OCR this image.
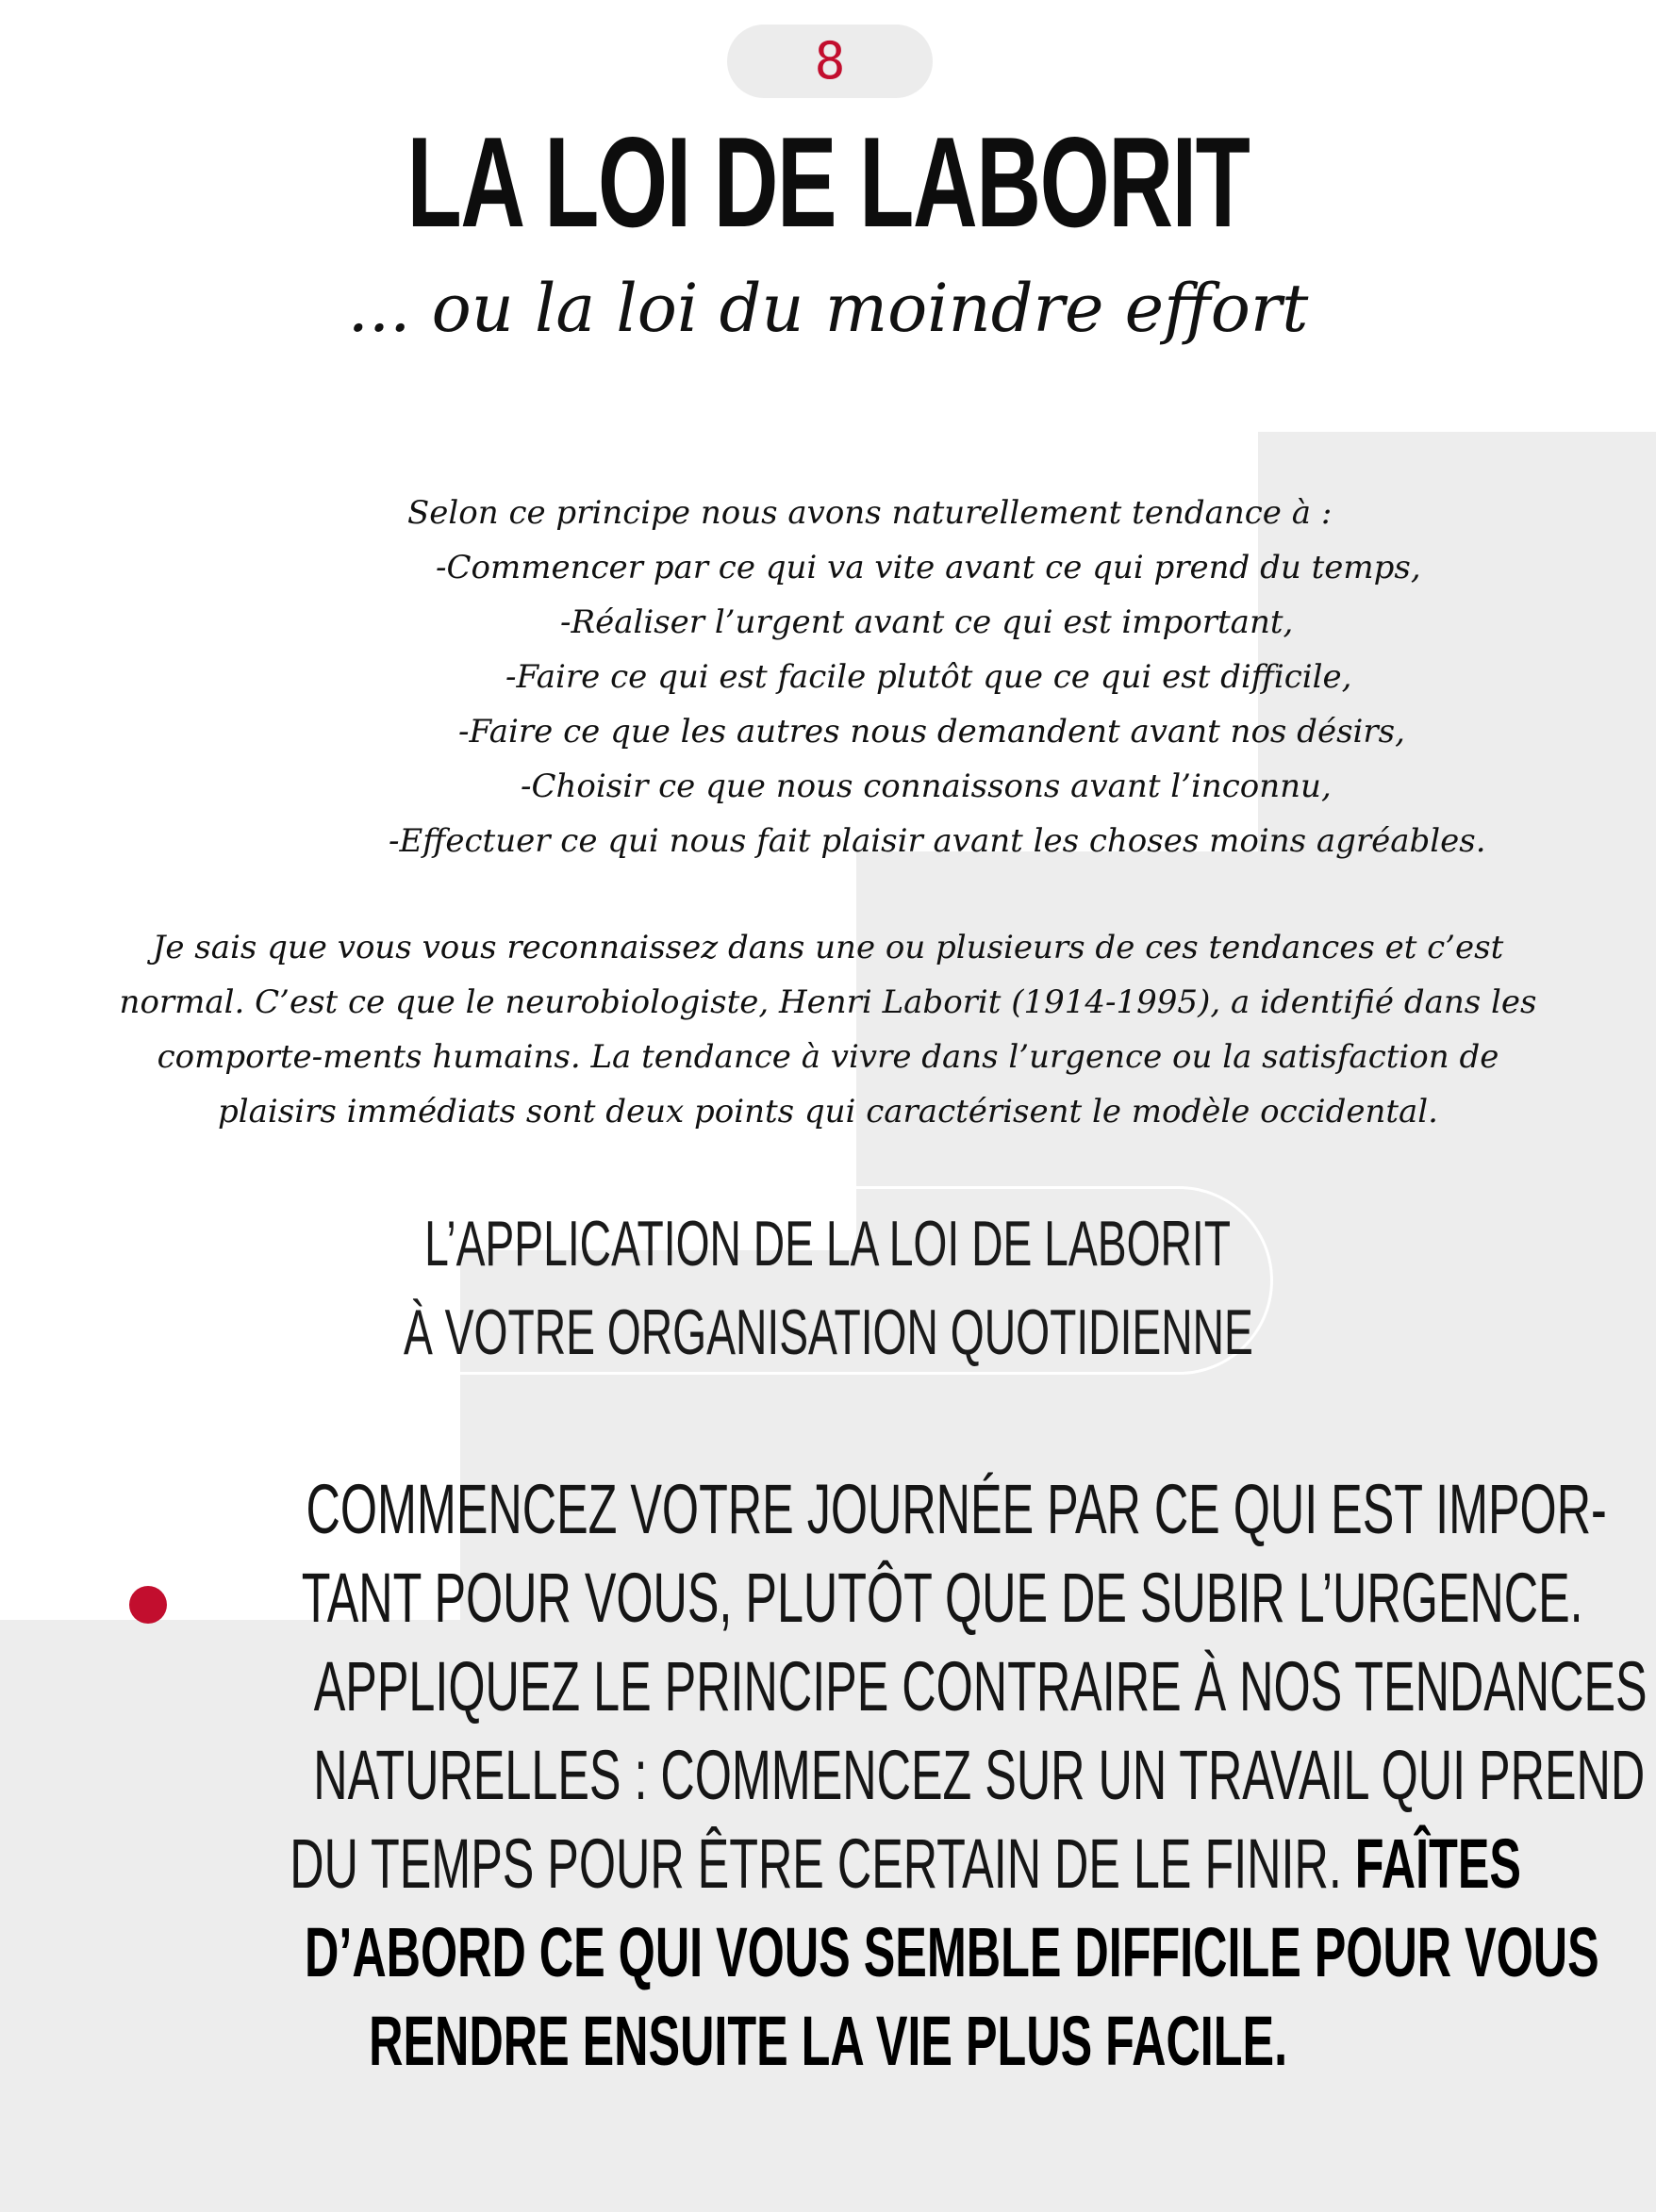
8
LA LOI DE LABORIT
... ou la loi du moindre effort
Selon ce principe nous avons naturellement tendance à :
-Commencer par ce qui va vite avant ce qui prend du temps,
-Réaliser l’urgent avant ce qui est important,
-Faire ce qui est facile plutôt que ce qui est difficile,
-Faire ce que les autres nous demandent avant nos désirs,
-Choisir ce que nous connaissons avant l’inconnu,
-Effectuer ce qui nous fait plaisir avant les choses moins agréables.

Je sais que vous vous reconnaissez dans une ou plusieurs de ces tendances et c’est normal. C’est ce que le neurobiologiste, Henri Laborit (1914-1995), a identifié dans les comporte-ments humains. La tendance à vivre dans l’urgence ou la satisfaction de plaisirs immédiats sont deux points qui caractérisent le modèle occidental.

L’APPLICATION DE LA LOI DE LABORIT
À VOTRE ORGANISATION QUOTIDIENNE
COMMENCEZ VOTRE JOURNÉE PAR CE QUI EST IMPOR-
TANT POUR VOUS, PLUTÔT QUE DE SUBIR L’URGENCE.
APPLIQUEZ LE PRINCIPE CONTRAIRE À NOS TENDANCES
NATURELLES : COMMENCEZ SUR UN TRAVAIL QUI PREND
DU TEMPS POUR ÊTRE CERTAIN DE LE FINIR. FAÎTES
D’ABORD CE QUI VOUS SEMBLE DIFFICILE POUR VOUS
RENDRE ENSUITE LA VIE PLUS FACILE.
